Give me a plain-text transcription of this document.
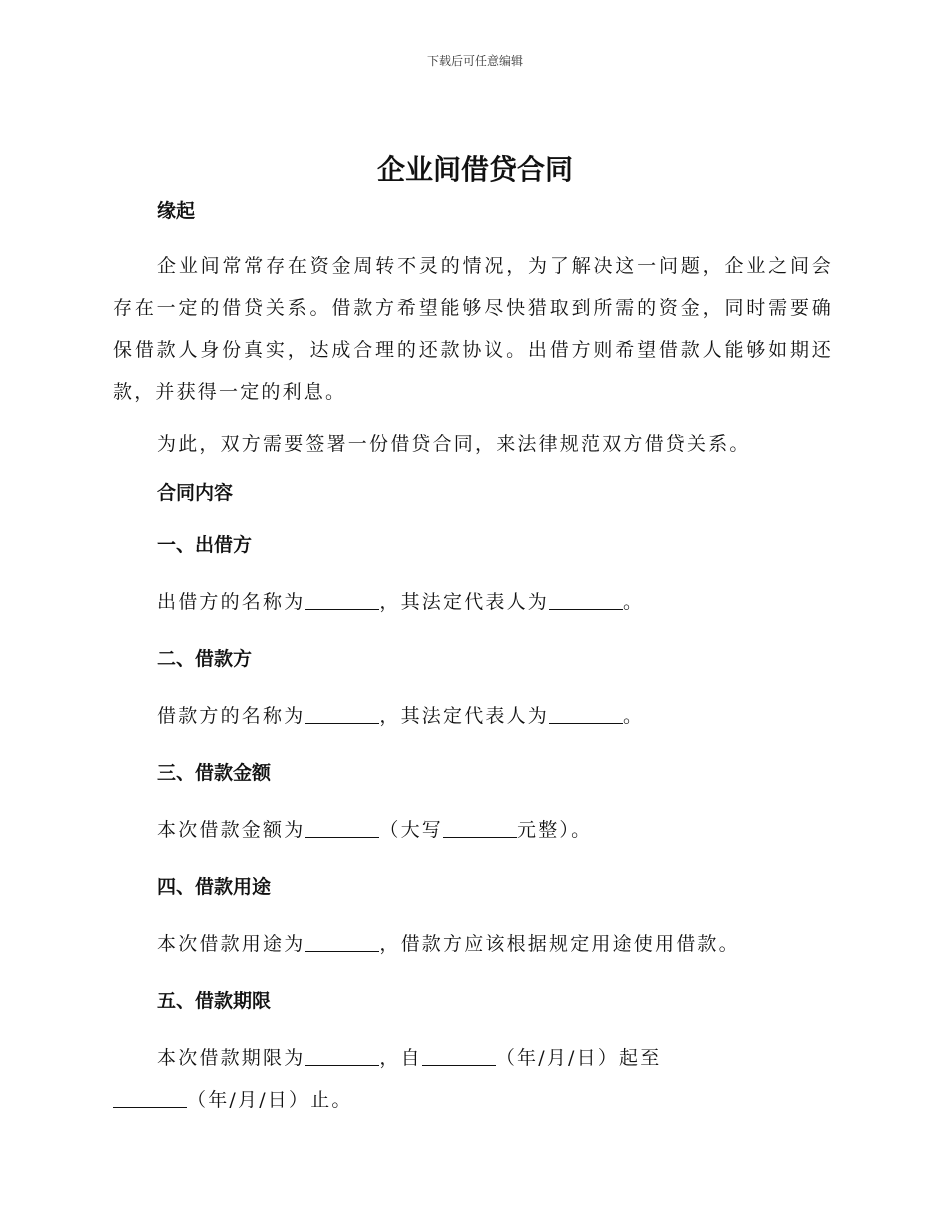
下载后可任意编辑
企业间借贷合同
缘起

企业间常常存在资金周转不灵的情况，为了解决这一问题，企业之间会存在一定的借贷关系。借款方希望能够尽快猎取到所需的资金，同时需要确保借款人身份真实，达成合理的还款协议。出借方则希望借款人能够如期还款，并获得一定的利息。

为此，双方需要签署一份借贷合同，来法律规范双方借贷关系。

合同内容
一、出借方
出借方的名称为	，其法定代表人为	。
二、借款方
借款方的名称为	，其法定代表人为	。
三、借款金额
本次借款金额为	（大写	元整）。
四、借款用途
本次借款用途为	，借款方应该根据规定用途使用借款。
五、借款期限
本次借款期限为	，自	（年/月/日）起至
（年/月/日）止。
